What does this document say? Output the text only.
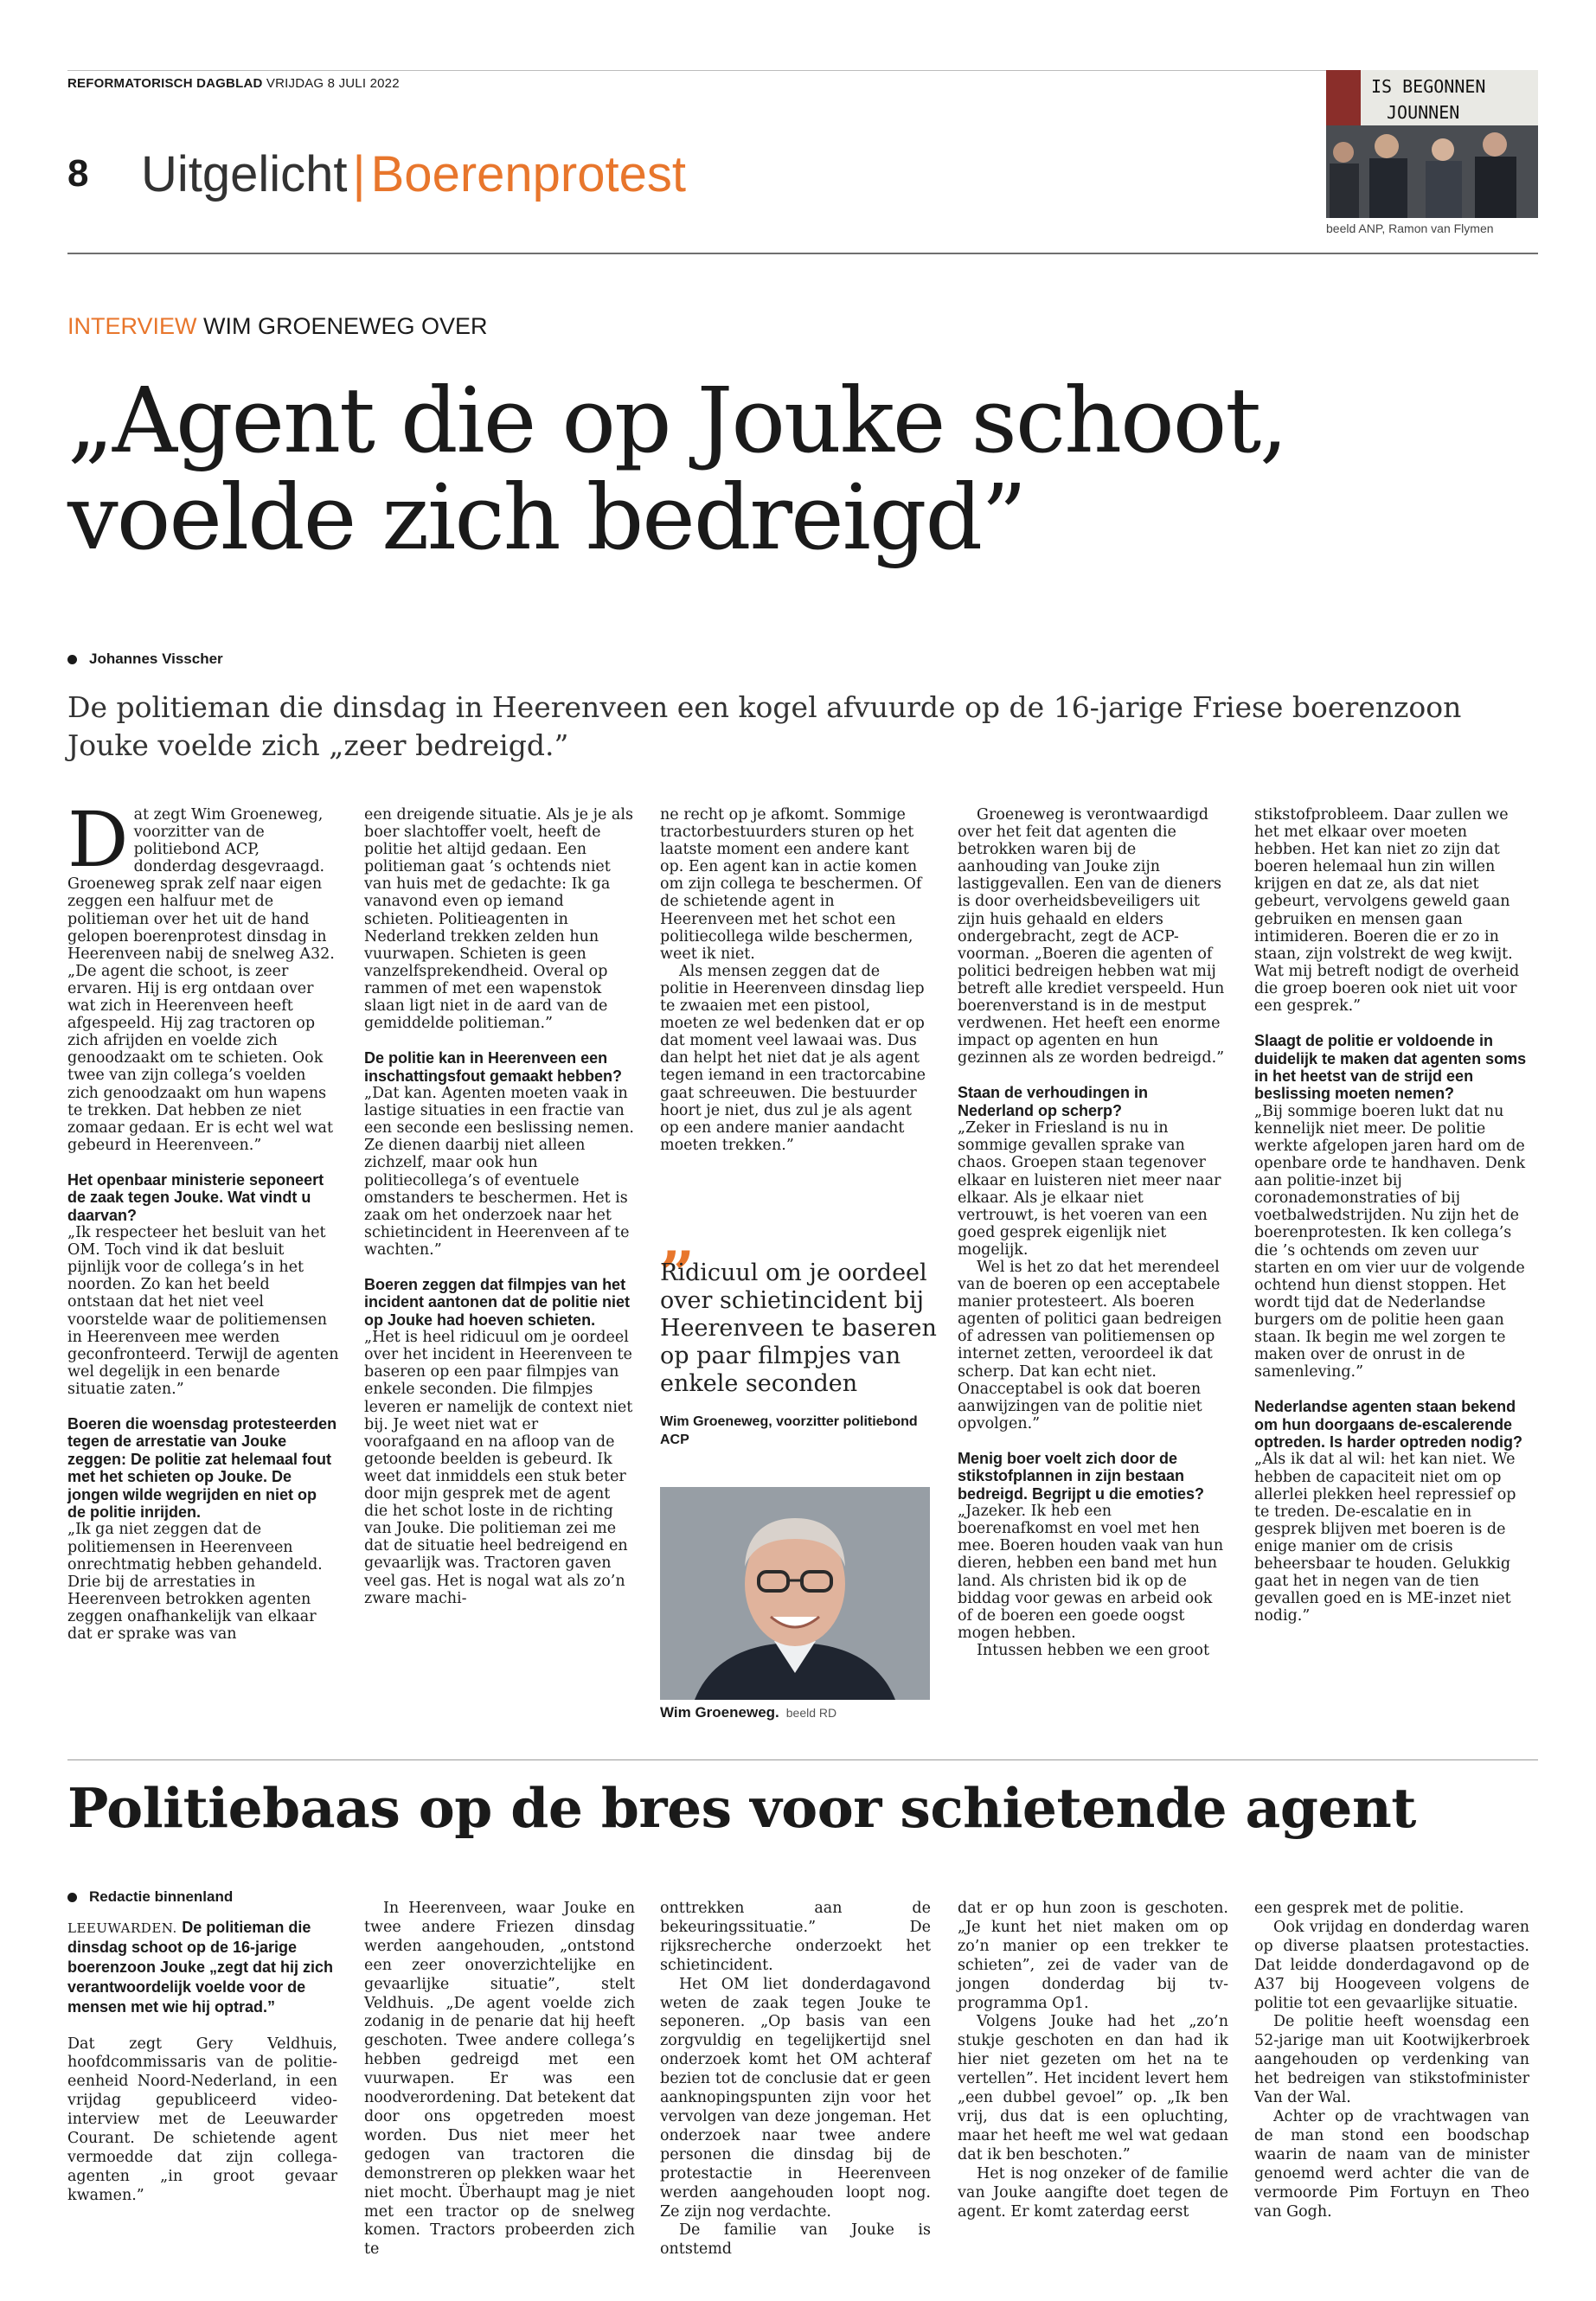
REFORMATORISCH DAGBLAD VRIJDAG 8 JULI 2022
8 Uitgelicht | Boerenprotest
IS BEGONNEN
JOUNNEN
beeld ANP, Ramon van Flymen
INTERVIEW WIM GROENEWEG OVER
„Agent die op Jouke schoot,
voelde zich bedreigd”
Johannes Visscher
De politieman die dinsdag in Heerenveen een kogel afvuurde op de 16-jarige Friese boerenzoon Jouke voelde zich „zeer bedreigd.”

Dat zegt Wim Groeneweg, voorzitter van de politiebond ACP, donderdag desgevraagd. Groeneweg sprak zelf naar eigen zeggen een halfuur met de politieman over het uit de hand gelopen boerenprotest dinsdag in Heerenveen nabij de snelweg A32. „De agent die schoot, is zeer ervaren. Hij is erg ontdaan over wat zich in Heerenveen heeft afgespeeld. Hij zag tractoren op zich afrijden en voelde zich genoodzaakt om te schieten. Ook twee van zijn collega’s voelden zich genoodzaakt om hun wapens te trekken. Dat hebben ze niet zomaar gedaan. Er is echt wel wat gebeurd in Heerenveen.”

Het openbaar ministerie seponeert de zaak tegen Jouke. Wat vindt u daarvan?

„Ik respecteer het besluit van het OM. Toch vind ik dat besluit pijnlijk voor de collega’s in het noorden. Zo kan het beeld ontstaan dat het niet veel voorstelde waar de politiemensen in Heerenveen mee werden geconfronteerd. Terwijl de agenten wel degelijk in een benarde situatie zaten.”

Boeren die woensdag protesteerden tegen de arrestatie van Jouke zeggen: De politie zat helemaal fout met het schieten op Jouke. De jongen wilde wegrijden en niet op de politie inrijden.

„Ik ga niet zeggen dat de politiemensen in Heerenveen onrechtmatig hebben gehandeld. Drie bij de arrestaties in Heerenveen betrokken agenten zeggen onafhankelijk van elkaar dat er sprake was van

een dreigende situatie. Als je je als boer slachtoffer voelt, heeft de politie het altijd gedaan. Een politieman gaat ’s ochtends niet van huis met de gedachte: Ik ga vanavond even op iemand schieten. Politieagenten in Nederland trekken zelden hun vuurwapen. Schieten is geen vanzelfsprekendheid. Overal op rammen of met een wapenstok slaan ligt niet in de aard van de gemiddelde politieman.”

De politie kan in Heerenveen een inschattingsfout gemaakt hebben?

„Dat kan. Agenten moeten vaak in lastige situaties in een fractie van een seconde een beslissing nemen. Ze dienen daarbij niet alleen zichzelf, maar ook hun politiecollega’s of eventuele omstanders te beschermen. Het is zaak om het onderzoek naar het schietincident in Heerenveen af te wachten.”

Boeren zeggen dat filmpjes van het incident aantonen dat de politie niet op Jouke had hoeven schieten.

„Het is heel ridicuul om je oordeel over het incident in Heerenveen te baseren op een paar filmpjes van enkele seconden. Die filmpjes leveren er namelijk de context niet bij. Je weet niet wat er voorafgaand en na afloop van de getoonde beelden is gebeurd. Ik weet dat inmiddels een stuk beter door mijn gesprek met de agent die het schot loste in de richting van Jouke. Die politieman zei me dat de situatie heel bedreigend en gevaarlijk was. Tractoren gaven veel gas. Het is nogal wat als zo’n zware machi-

ne recht op je afkomt. Sommige tractorbestuurders sturen op het laatste moment een andere kant op. Een agent kan in actie komen om zijn collega te beschermen. Of de schietende agent in Heerenveen met het schot een politiecollega wilde beschermen, weet ik niet.

Als mensen zeggen dat de politie in Heerenveen dinsdag liep te zwaaien met een pistool, moeten ze wel bedenken dat er op dat moment veel lawaai was. Dus dan helpt het niet dat je als agent tegen iemand in een tractorcabine gaat schreeuwen. Die bestuurder hoort je niet, dus zul je als agent op een andere manier aandacht moeten trekken.”

„
Ridicuul om je oordeel over schietincident bij Heerenveen te baseren op paar filmpjes van enkele seconden
Wim Groeneweg, voorzitter politiebond ACP
Wim Groeneweg. beeld RD

Groeneweg is verontwaardigd over het feit dat agenten die betrokken waren bij de aanhouding van Jouke zijn lastiggevallen. Een van de dieners is door overheidsbeveiligers uit zijn huis gehaald en elders ondergebracht, zegt de ACP-voorman. „Boeren die agenten of politici bedreigen hebben wat mij betreft alle krediet verspeeld. Hun boerenverstand is in de mestput verdwenen. Het heeft een enorme impact op agenten en hun gezinnen als ze worden bedreigd.”

Staan de verhoudingen in Nederland op scherp?

„Zeker in Friesland is nu in sommige gevallen sprake van chaos. Groepen staan tegenover elkaar en luisteren niet meer naar elkaar. Als je elkaar niet vertrouwt, is het voeren van een goed gesprek eigenlijk niet mogelijk.

Wel is het zo dat het merendeel van de boeren op een acceptabele manier protesteert. Als boeren agenten of politici gaan bedreigen of adressen van politiemensen op internet zetten, veroordeel ik dat scherp. Dat kan echt niet. Onacceptabel is ook dat boeren aanwijzingen van de politie niet opvolgen.”

Menig boer voelt zich door de stikstofplannen in zijn bestaan bedreigd. Begrijpt u die emoties?

„Jazeker. Ik heb een boerenafkomst en voel met hen mee. Boeren houden vaak van hun dieren, hebben een band met hun land. Als christen bid ik op de biddag voor gewas en arbeid ook of de boeren een goede oogst mogen hebben.

Intussen hebben we een groot

stikstofprobleem. Daar zullen we het met elkaar over moeten hebben. Het kan niet zo zijn dat boeren helemaal hun zin willen krijgen en dat ze, als dat niet gebeurt, vervolgens geweld gaan gebruiken en mensen gaan intimideren. Boeren die er zo in staan, zijn volstrekt de weg kwijt. Wat mij betreft nodigt de overheid die groep boeren ook niet uit voor een gesprek.”

Slaagt de politie er voldoende in duidelijk te maken dat agenten soms in het heetst van de strijd een beslissing moeten nemen?

„Bij sommige boeren lukt dat nu kennelijk niet meer. De politie werkte afgelopen jaren hard om de openbare orde te handhaven. Denk aan politie-inzet bij coronademonstraties of bij voetbalwedstrijden. Nu zijn het de boerenprotesten. Ik ken collega’s die ’s ochtends om zeven uur starten en om vier uur de volgende ochtend hun dienst stoppen. Het wordt tijd dat de Nederlandse burgers om de politie heen gaan staan. Ik begin me wel zorgen te maken over de onrust in de samenleving.”

Nederlandse agenten staan bekend om hun doorgaans de-escalerende optreden. Is harder optreden nodig?

„Als ik dat al wil: het kan niet. We hebben de capaciteit niet om op allerlei plekken heel repressief op te treden. De-escalatie en in gesprek blijven met boeren is de enige manier om de crisis beheersbaar te houden. Gelukkig gaat het in negen van de tien gevallen goed en is ME-inzet niet nodig.”

Politiebaas op de bres voor schietende agent
Redactie binnenland

LEEUWARDEN. De politieman die dinsdag schoot op de 16-jarige boerenzoon Jouke „zegt dat hij zich verantwoordelijk voelde voor de mensen met wie hij optrad.”

Dat zegt Gery Veldhuis, hoofdcommissaris van de politie-eenheid Noord-Nederland, in een vrijdag gepubliceerd video-interview met de Leeuwarder Courant. De schietende agent vermoedde dat zijn collega-agenten „in groot gevaar kwamen.”

In Heerenveen, waar Jouke en twee andere Friezen dinsdag werden aangehouden, „ontstond een zeer onoverzichtelijke en gevaarlijke situatie”, stelt Veldhuis. „De agent voelde zich zodanig in de penarie dat hij heeft geschoten. Twee andere collega’s hebben gedreigd met een vuurwapen. Er was een noodverordening. Dat betekent dat door ons opgetreden moest worden. Dus niet meer het gedogen van tractoren die demonstreren op plekken waar het niet mocht. Überhaupt mag je niet met een tractor op de snelweg komen. Tractors probeerden zich te

onttrekken aan de bekeuringssituatie.” De rijksrecherche onderzoekt het schietincident.

Het OM liet donderdagavond weten de zaak tegen Jouke te seponeren. „Op basis van een zorgvuldig en tegelijkertijd snel onderzoek komt het OM achteraf bezien tot de conclusie dat er geen aanknopingspunten zijn voor het vervolgen van deze jongeman. Het onderzoek naar twee andere personen die dinsdag bij de protestactie in Heerenveen werden aangehouden loopt nog. Ze zijn nog verdachte.

De familie van Jouke is ontstemd

dat er op hun zoon is geschoten. „Je kunt het niet maken om op zo’n manier op een trekker te schieten”, zei de vader van de jongen donderdag bij tv-programma Op1.

Volgens Jouke had het „zo’n stukje geschoten en dan had ik hier niet gezeten om het na te vertellen”. Het incident levert hem „een dubbel gevoel” op. „Ik ben vrij, dus dat is een opluchting, maar het heeft me wel wat gedaan dat ik ben beschoten.”

Het is nog onzeker of de familie van Jouke aangifte doet tegen de agent. Er komt zaterdag eerst

een gesprek met de politie.

Ook vrijdag en donderdag waren op diverse plaatsen protestacties. Dat leidde donderdagavond op de A37 bij Hoogeveen volgens de politie tot een gevaarlijke situatie.

De politie heeft woensdag een 52-jarige man uit Kootwijkerbroek aangehouden op verdenking van het bedreigen van stikstofminister Van der Wal.

Achter op de vrachtwagen van de man stond een boodschap waarin de naam van de minister genoemd werd achter die van de vermoorde Pim Fortuyn en Theo van Gogh.
